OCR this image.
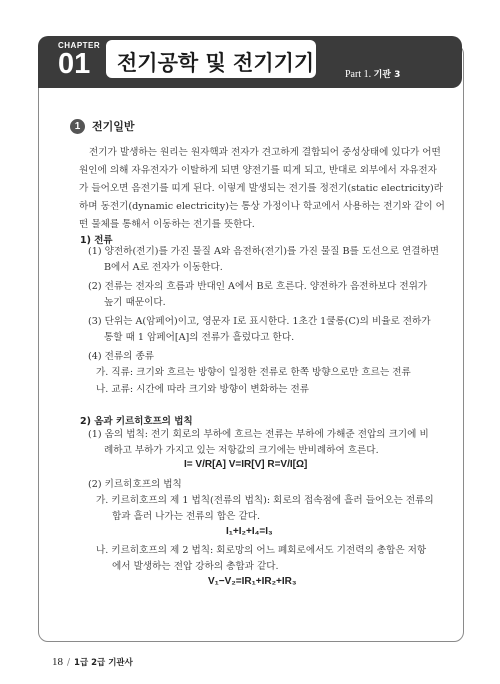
CHAPTER
01 전기공학 및 전기기기	Part 1. 기관 3
1	전기일반
전기가 발생하는 원리는 원자핵과 전자가 견고하게 결합되어 중성상태에 있다가 어떤
원인에 의해 자유전자가 이탈하게 되면 양전기를 띠게 되고, 반대로 외부에서 자유전자
가 들어오면 음전기를 띠게 된다. 이렇게 발생되는 전기를 정전기(static electricity)라
하며 동전기(dynamic electricity)는 통상 가정이나 학교에서 사용하는 전기와 같이 어
떤 물체를 통해서 이동하는 전기를 뜻한다.
1) 전류
(1) 양전하(전기)를 가진 물질 A와 음전하(전기)를 가진 물질 B를 도선으로 연결하면
B에서 A로 전자가 이동한다.
(2) 전류는 전자의 흐름과 반대인 A에서 B로 흐른다. 양전하가 음전하보다 전위가
높기 때문이다.
(3) 단위는 A(암페어)이고, 영문자 I로 표시한다. 1초간 1쿨롱(C)의 비율로 전하가
통할 때 1 암페어[A]의 전류가 흘렀다고 한다.
(4) 전류의 종류
가. 직류: 크기와 흐르는 방향이 일정한 전류로 한쪽 방향으로만 흐르는 전류
나. 교류: 시간에 따라 크기와 방향이 변화하는 전류
2) 옴과 키르히호프의 법칙
(1) 옴의 법칙: 전기 회로의 부하에 흐르는 전류는 부하에 가해준 전압의 크기에 비
례하고 부하가 가지고 있는 저항값의 크기에는 반비례하여 흐른다.
I= V/R[A] V=IR[V] R=V/I[Ω]
(2) 키르히호프의 법칙
가. 키르히호프의 제 1 법칙(전류의 법칙): 회로의 접속점에 흘러 들어오는 전류의
합과 흘러 나가는 전류의 합은 같다.
I₁+I₂+I₄=I₃
나. 키르히호프의 제 2 법칙: 회로망의 어느 폐회로에서도 기전력의 총합은 저항
에서 발생하는 전압 강하의 총합과 같다.
V₁−V₂=IR₁+IR₂+IR₃
18 / 1급 2급 기관사
